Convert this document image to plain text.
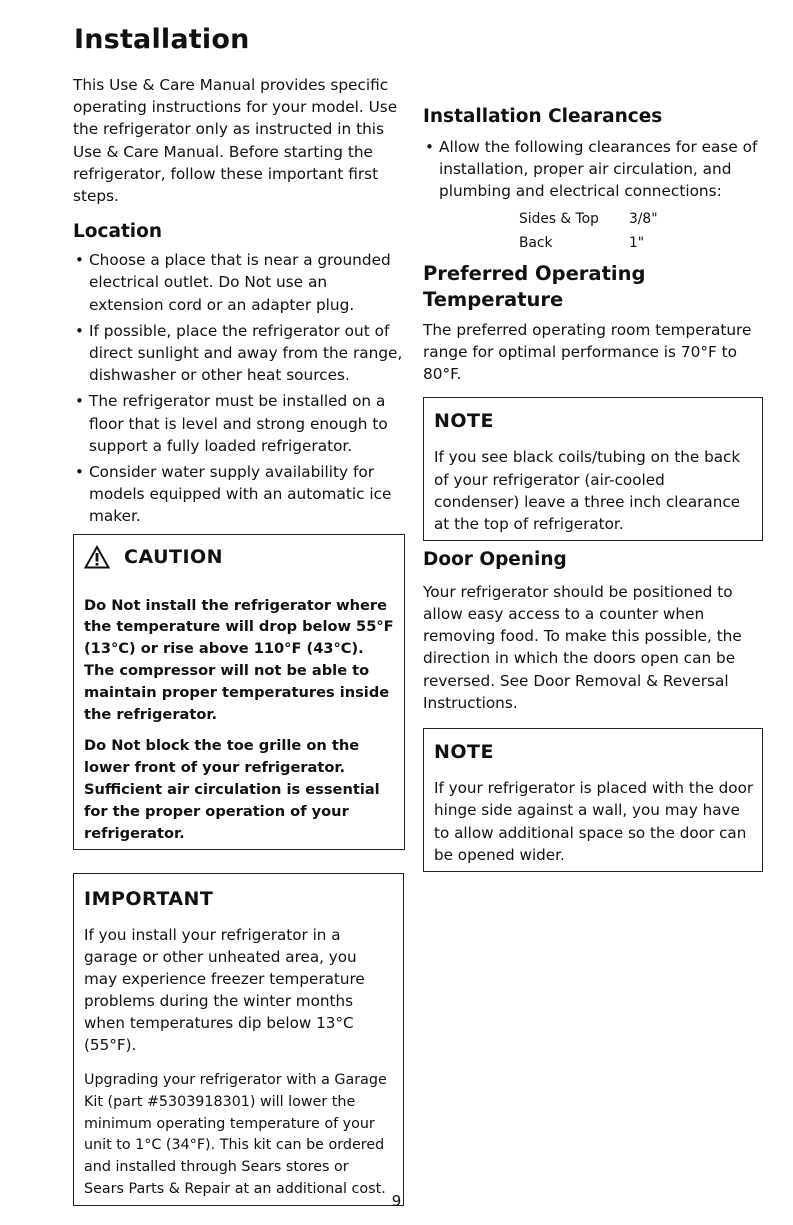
Installation

This Use & Care Manual provides specific operating instructions for your model. Use the refrigerator only as instructed in this Use & Care Manual. Before starting the refrigerator, follow these important first steps.

Location
• Choose a place that is near a grounded electrical outlet. Do Not use an extension cord or an adapter plug.
• If possible, place the refrigerator out of direct sunlight and away from the range, dishwasher or other heat sources.
• The refrigerator must be installed on a floor that is level and strong enough to support a fully loaded refrigerator.
• Consider water supply availability for models equipped with an automatic ice maker.
CAUTION

Do Not install the refrigerator where the temperature will drop below 55°F (13°C) or rise above 110°F (43°C). The compressor will not be able to maintain proper temperatures inside the refrigerator.

Do Not block the toe grille on the lower front of your refrigerator. Sufficient air circulation is essential for the proper operation of your refrigerator.

IMPORTANT

If you install your refrigerator in a garage or other unheated area, you may experience freezer temperature problems during the winter months when temperatures dip below 13°C (55°F).

Upgrading your refrigerator with a Garage Kit (part #5303918301) will lower the minimum operating temperature of your unit to 1°C (34°F). This kit can be ordered and installed through Sears stores or Sears Parts & Repair at an additional cost.

Installation Clearances
• Allow the following clearances for ease of installation, proper air circulation, and plumbing and electrical connections:
Sides & Top	3/8"
Back	1"
Preferred Operating Temperature

The preferred operating room temperature range for optimal performance is 70°F to 80°F.

NOTE

If you see black coils/tubing on the back of your refrigerator (air-cooled condenser) leave a three inch clearance at the top of refrigerator.

Door Opening

Your refrigerator should be positioned to allow easy access to a counter when removing food. To make this possible, the direction in which the doors open can be reversed. See Door Removal & Reversal Instructions.

NOTE

If your refrigerator is placed with the door hinge side against a wall, you may have to allow additional space so the door can be opened wider.

9
